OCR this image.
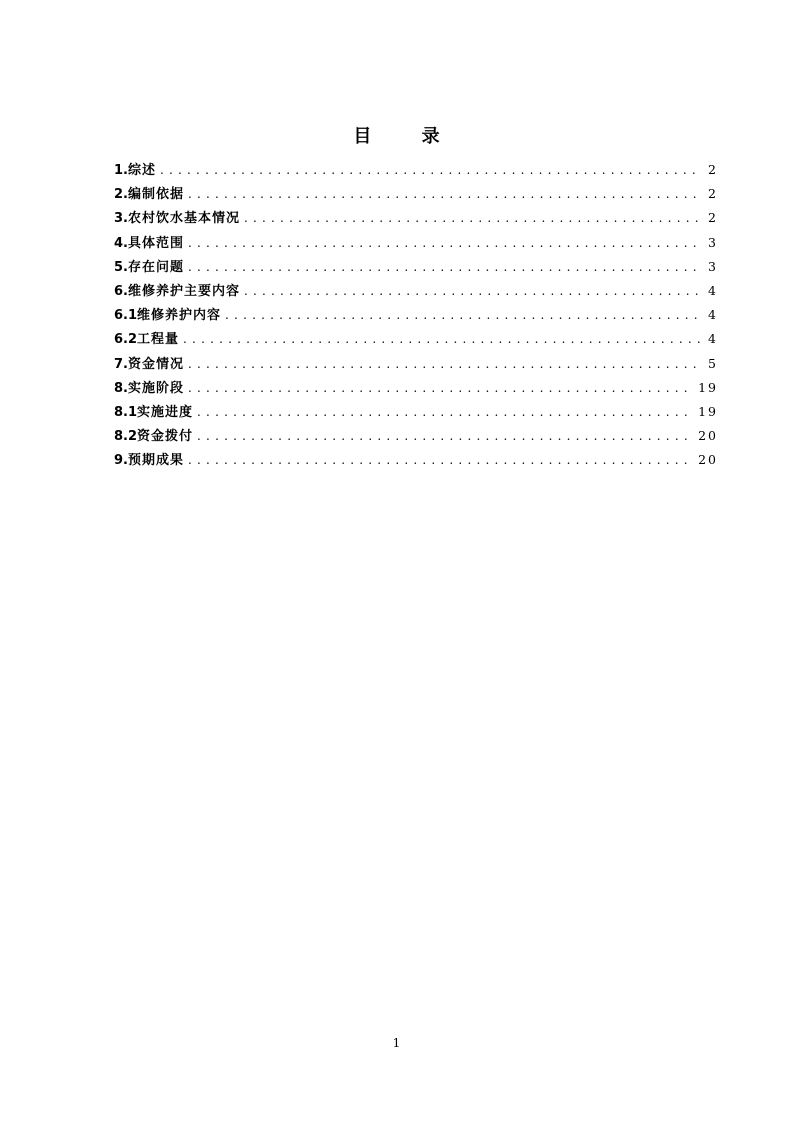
目 录
1. 综述 .....	2
2. 编制依据 .....	2
3. 农村饮水基本情况 .....	2
4. 具体范围 .....	3
5. 存在问题 .....	3
6. 维修养护主要内容 .....	4
6.1 维修养护内容 .....	4
6.2 工程量 .....	4
7. 资金情况 .....	5
8. 实施阶段 .....	19
8.1 实施进度 .....	19
8.2 资金拨付 .....	20
9. 预期成果 .....	20
1
